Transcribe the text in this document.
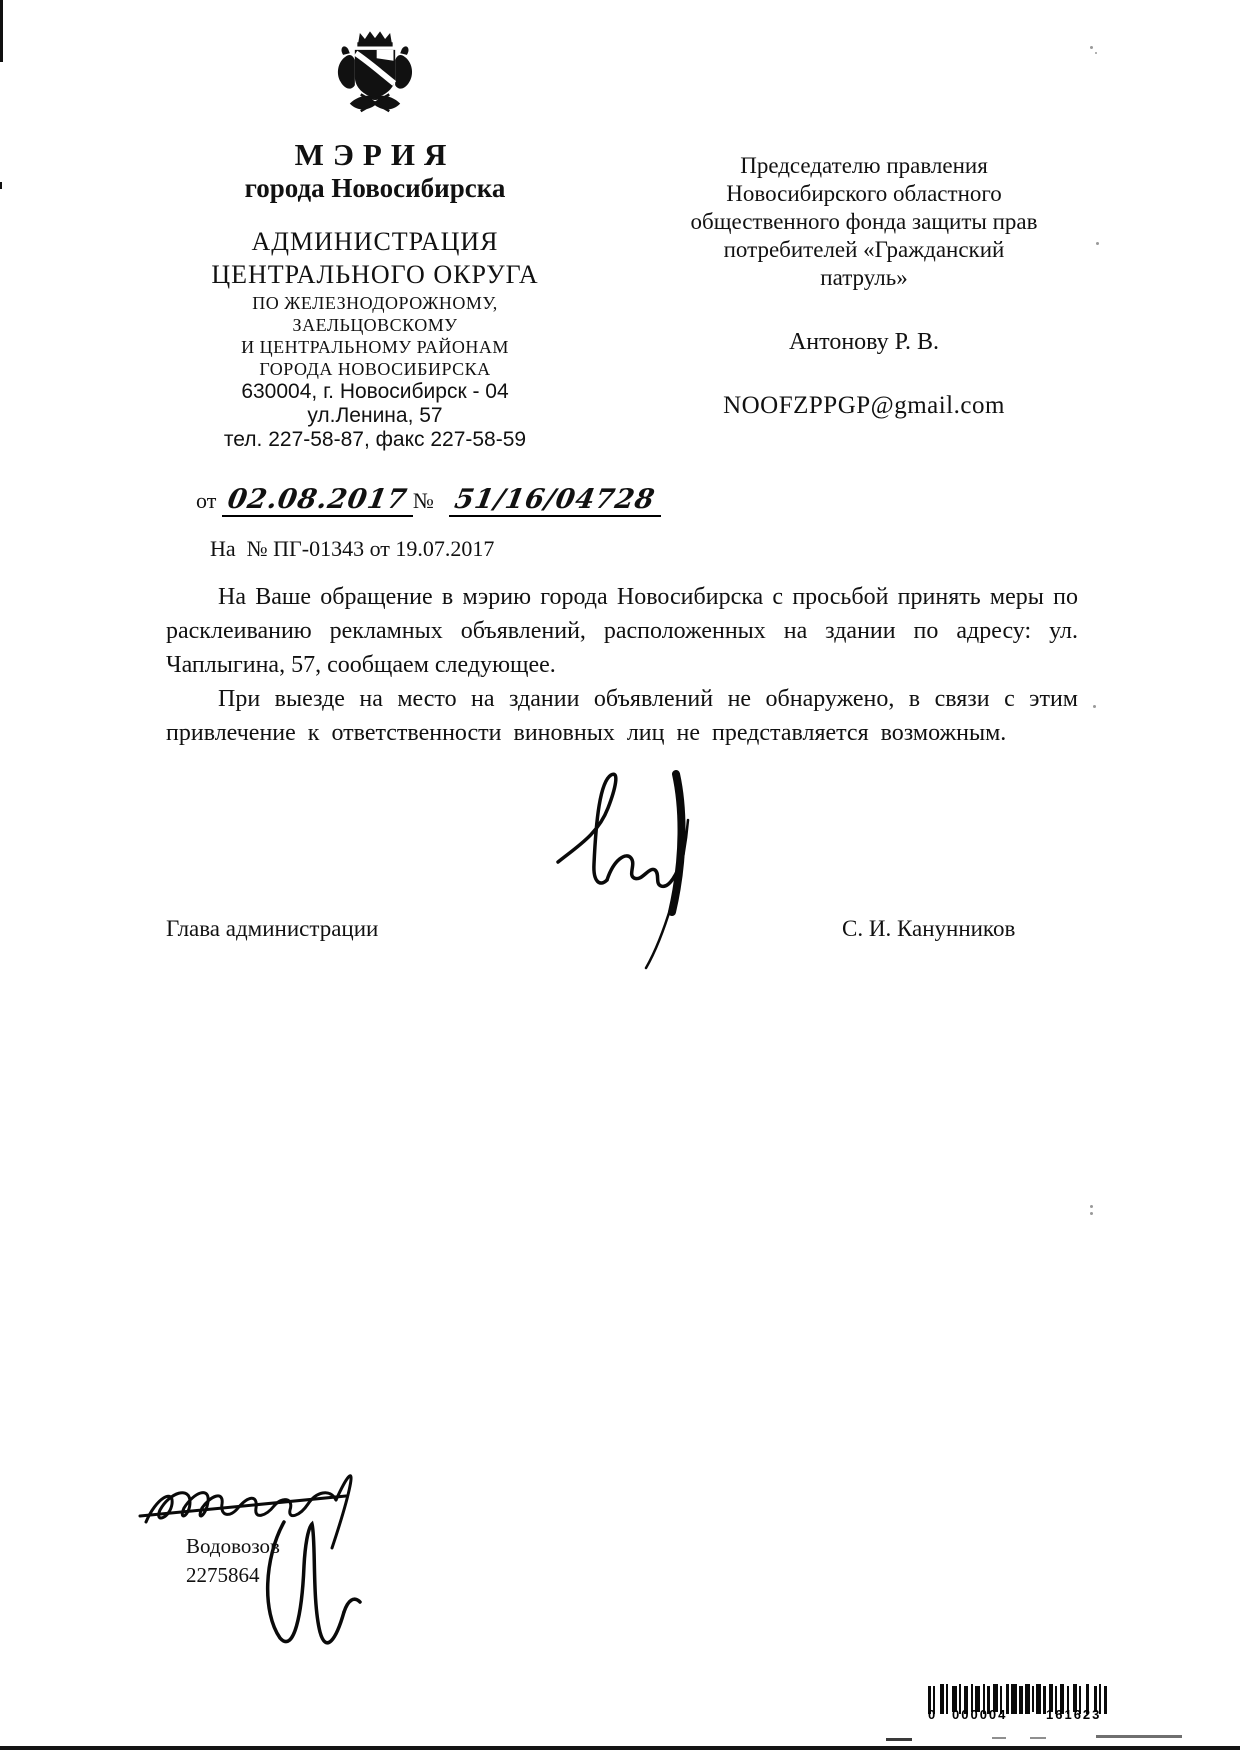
МЭРИЯ
города Новосибирска
АДМИНИСТРАЦИЯ
ЦЕНТРАЛЬНОГО ОКРУГА
ПО ЖЕЛЕЗНОДОРОЖНОМУ,
ЗАЕЛЬЦОВСКОМУ
И ЦЕНТРАЛЬНОМУ РАЙОНАМ
ГОРОДА НОВОСИБИРСКА
630004, г. Новосибирск - 04
ул.Ленина, 57
тел. 227-58-87, факс 227-58-59
от 02.08.2017 № 51/16/04728
На  № ПГ-01343 от 19.07.2017
Председателю правления
Новосибирского областного
общественного фонда защиты прав
потребителей «Гражданский
патруль»
Антонову Р. В.
NOOFZPPGP@gmail.com

На Ваше обращение в мэрию города Новосибирска с просьбой принять меры по расклеиванию рекламных объявлений, расположенных на здании по адресу: ул. Чаплыгина, 57, сообщаем следующее.

При выезде на место на здании объявлений не обнаружено, в связи с этим привлечение к ответственности виновных лиц не представляется возможным.

Глава администрации	С. И. Канунников
Водовозов
2275864
0 000004	161623
